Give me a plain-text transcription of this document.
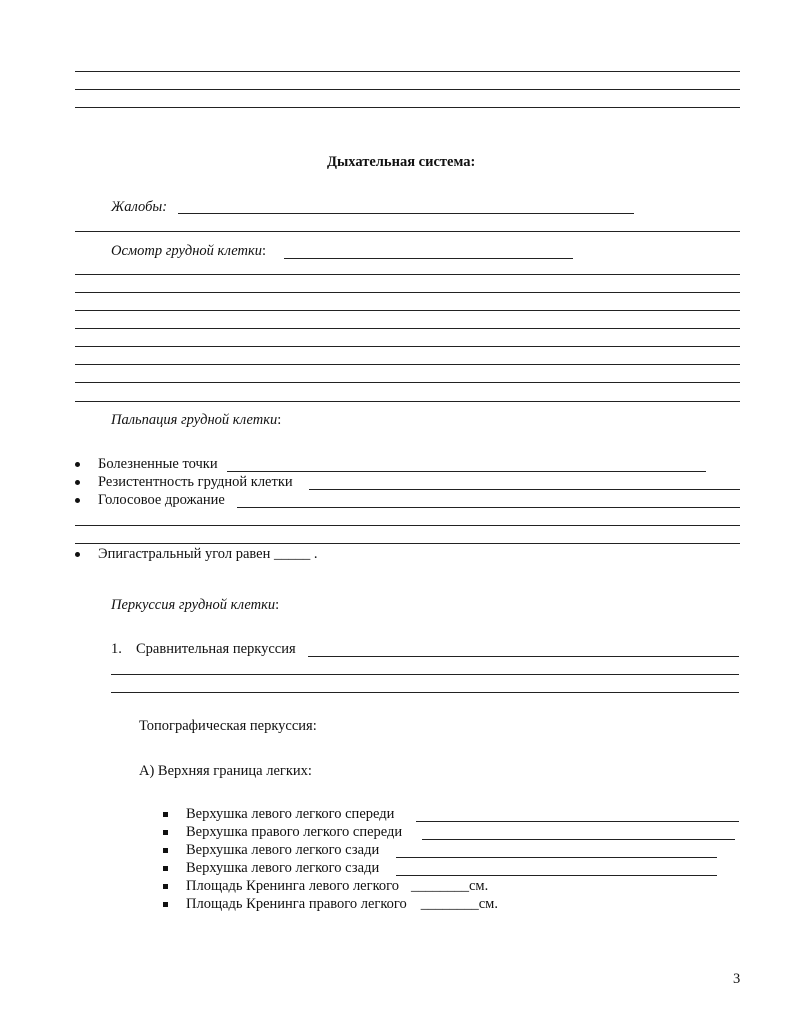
Дыхательная система:
Жалобы:
Осмотр грудной клетки:
Пальпация грудной клетки:
Болезненные точки
Резистентность грудной клетки
Голосовое дрожание
Эпигастральный угол равен _____ .
Перкуссия грудной клетки:
1. Сравнительная перкуссия
Топографическая перкуссия:
А) Верхняя граница легких:
Верхушка левого легкого спереди
Верхушка правого легкого спереди
Верхушка левого легкого сзади
Верхушка левого легкого сзади
Площадь Кренинга левого легкого ________см.
Площадь Кренинга правого легкого ________см.
3
